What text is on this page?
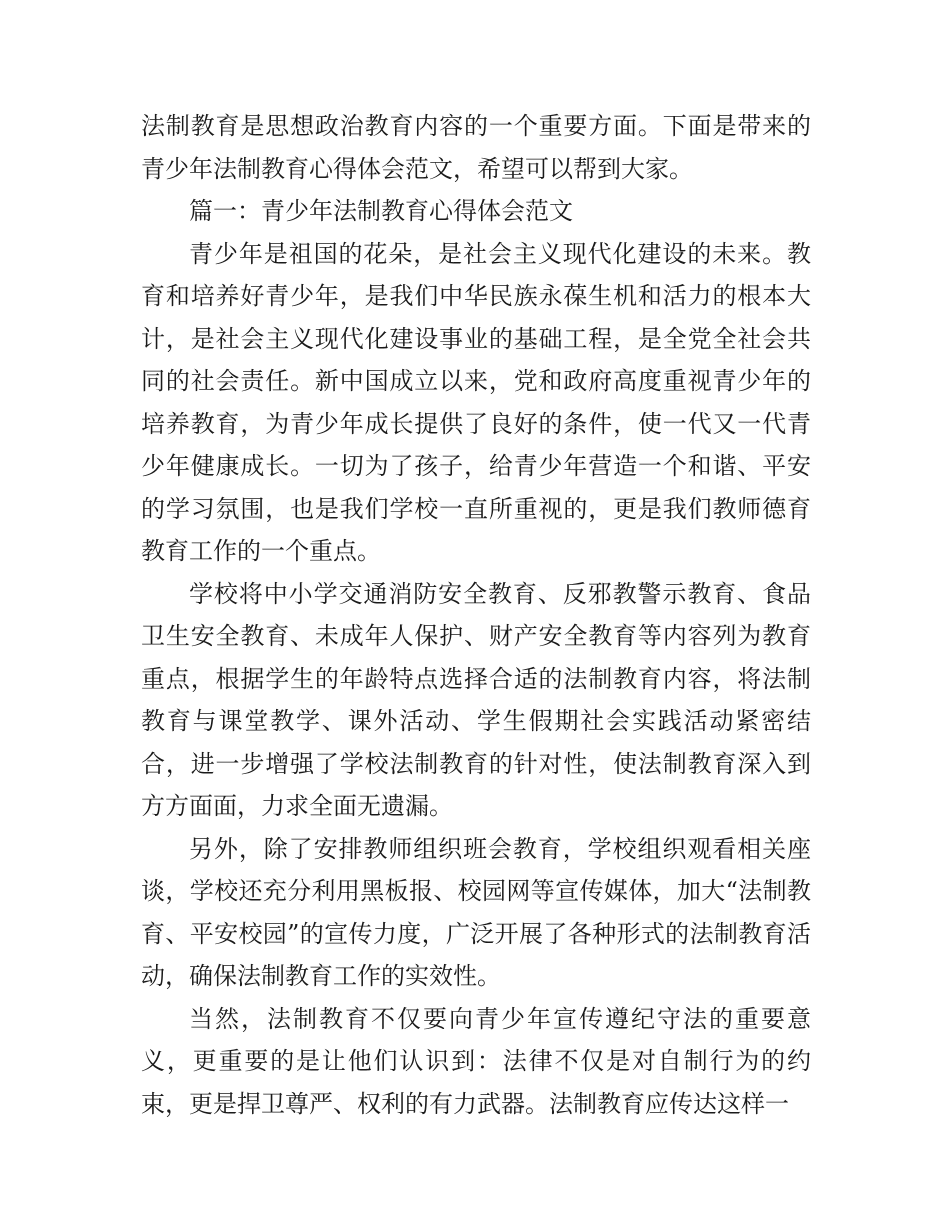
法制教育是思想政治教育内容的一个重要方面。下面是带来的青少年法制教育心得体会范文，希望可以帮到大家。

篇一：青少年法制教育心得体会范文

青少年是祖国的花朵，是社会主义现代化建设的未来。教育和培养好青少年，是我们中华民族永葆生机和活力的根本大计，是社会主义现代化建设事业的基础工程，是全党全社会共同的社会责任。新中国成立以来，党和政府高度重视青少年的培养教育，为青少年成长提供了良好的条件，使一代又一代青少年健康成长。一切为了孩子，给青少年营造一个和谐、平安的学习氛围，也是我们学校一直所重视的，更是我们教师德育教育工作的一个重点。

学校将中小学交通消防安全教育、反邪教警示教育、食品卫生安全教育、未成年人保护、财产安全教育等内容列为教育重点，根据学生的年龄特点选择合适的法制教育内容，将法制教育与课堂教学、课外活动、学生假期社会实践活动紧密结合，进一步增强了学校法制教育的针对性，使法制教育深入到方方面面，力求全面无遗漏。

另外，除了安排教师组织班会教育，学校组织观看相关座谈，学校还充分利用黑板报、校园网等宣传媒体，加大“法制教育、平安校园”的宣传力度，广泛开展了各种形式的法制教育活动，确保法制教育工作的实效性。

当然，法制教育不仅要向青少年宣传遵纪守法的重要意义，更重要的是让他们认识到：法律不仅是对自制行为的约束，更是捍卫尊严、权利的有力武器。法制教育应传达这样一
